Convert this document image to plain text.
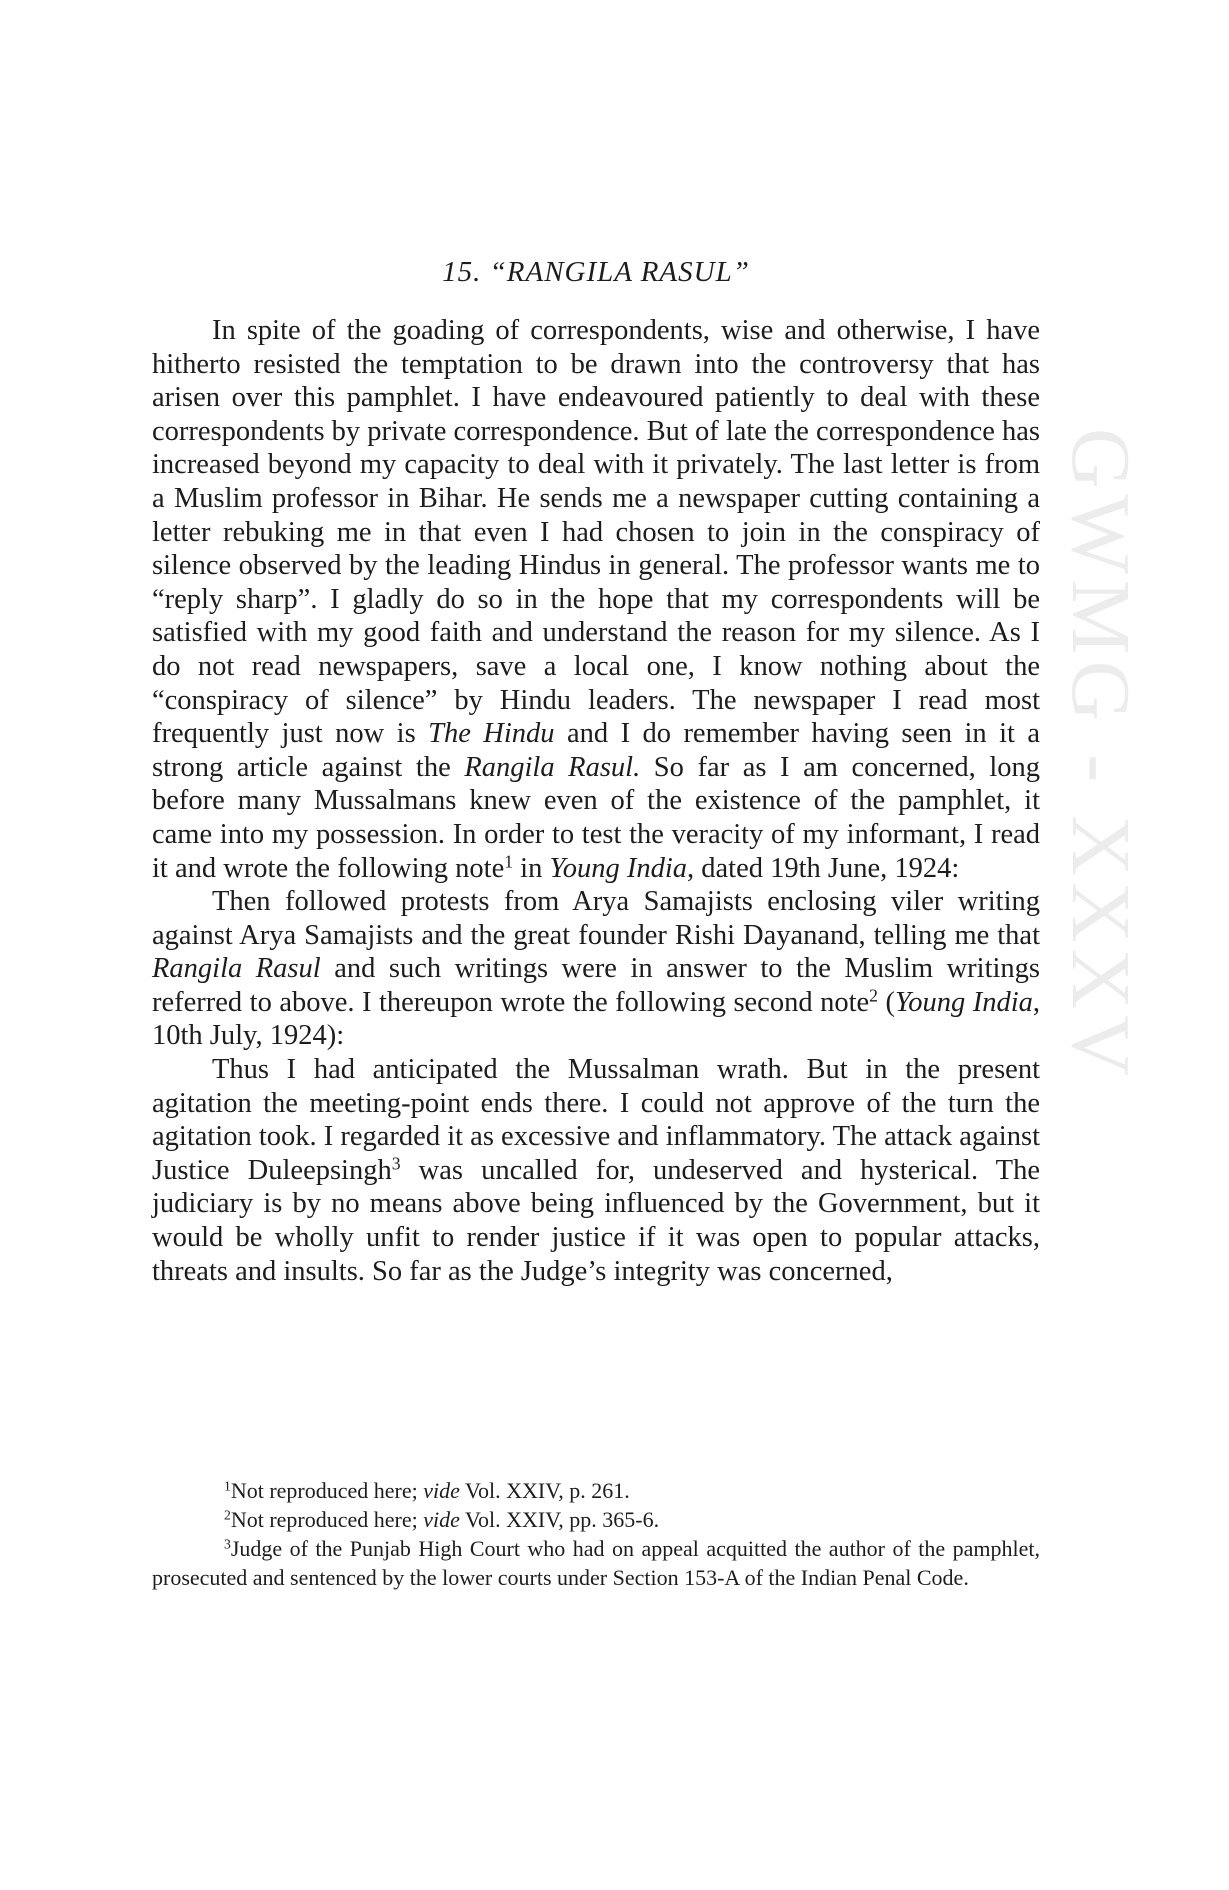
GWMG - XXXV
15. “RANGILA RASUL”

In spite of the goading of correspondents, wise and otherwise, I have hitherto resisted the temptation to be drawn into the controversy that has arisen over this pamphlet. I have endeavoured patiently to deal with these correspondents by private correspondence. But of late the correspondence has increased beyond my capacity to deal with it privately. The last letter is from a Muslim professor in Bihar. He sends me a newspaper cutting containing a letter rebuking me in that even I had chosen to join in the conspiracy of silence observed by the leading Hindus in general. The professor wants me to “reply sharp”. I gladly do so in the hope that my correspondents will be satisfied with my good faith and understand the reason for my silence. As I do not read newspapers, save a local one, I know nothing about the “conspiracy of silence” by Hindu leaders. The newspaper I read most frequently just now is The Hindu and I do remember having seen in it a strong article against the Rangila Rasul. So far as I am concerned, long before many Mussalmans knew even of the existence of the pamphlet, it came into my possession. In order to test the veracity of my informant, I read it and wrote the following note$^1$ in Young India, dated 19th June, 1924:

Then followed protests from Arya Samajists enclosing viler writing against Arya Samajists and the great founder Rishi Dayanand, telling me that Rangila Rasul and such writings were in answer to the Muslim writings referred to above. I thereupon wrote the following second note$^2$ (Young India, 10th July, 1924):

Thus I had anticipated the Mussalman wrath. But in the present agitation the meeting-point ends there. I could not approve of the turn the agitation took. I regarded it as excessive and inflammatory. The attack against Justice Duleepsingh$^3$ was uncalled for, undeserved and hysterical. The judiciary is by no means above being influenced by the Government, but it would be wholly unfit to render justice if it was open to popular attacks, threats and insults. So far as the Judge’s integrity was concerned,

$^1$Not reproduced here; vide Vol. XXIV, p. 261.

$^2$Not reproduced here; vide Vol. XXIV, pp. 365-6.

$^3$Judge of the Punjab High Court who had on appeal acquitted the author of the pamphlet, prosecuted and sentenced by the lower courts under Section 153-A of the Indian Penal Code.
